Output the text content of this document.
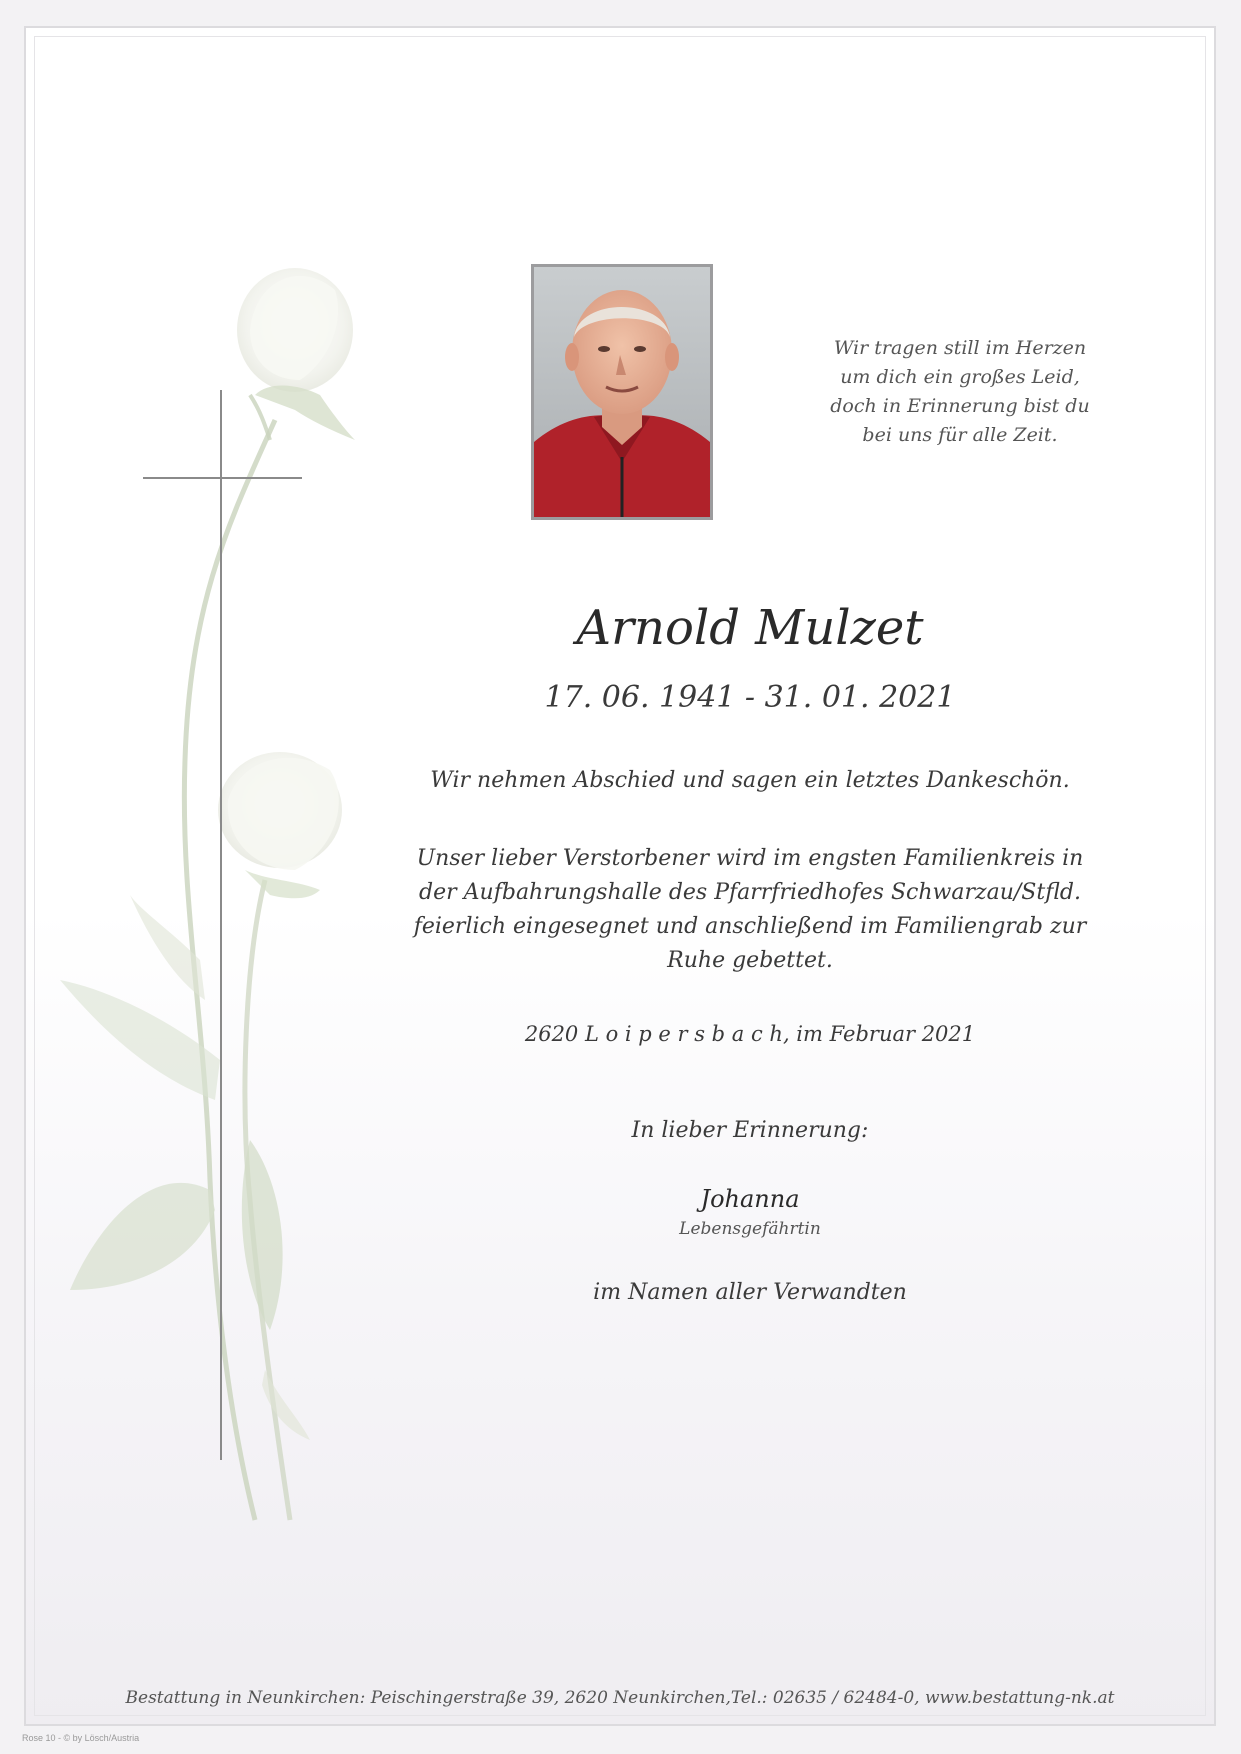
Wir tragen still im Herzen
um dich ein großes Leid,
doch in Erinnerung bist du
bei uns für alle Zeit.
Arnold Mulzet
17. 06. 1941 - 31. 01. 2021
Wir nehmen Abschied und sagen ein letztes Dankeschön.
Unser lieber Verstorbener wird im engsten Familienkreis in
der Aufbahrungshalle des Pfarrfriedhofes Schwarzau/Stfld.
feierlich eingesegnet und anschließend im Familiengrab zur
Ruhe gebettet.
2620 L o i p e r s b a c h, im Februar 2021
In lieber Erinnerung:
Johanna
Lebensgefährtin
im Namen aller Verwandten
Bestattung in Neunkirchen: Peischingerstraße 39, 2620 Neunkirchen,Tel.: 02635 / 62484-0, www.bestattung-nk.at
Rose 10 - © by Lösch/Austria
